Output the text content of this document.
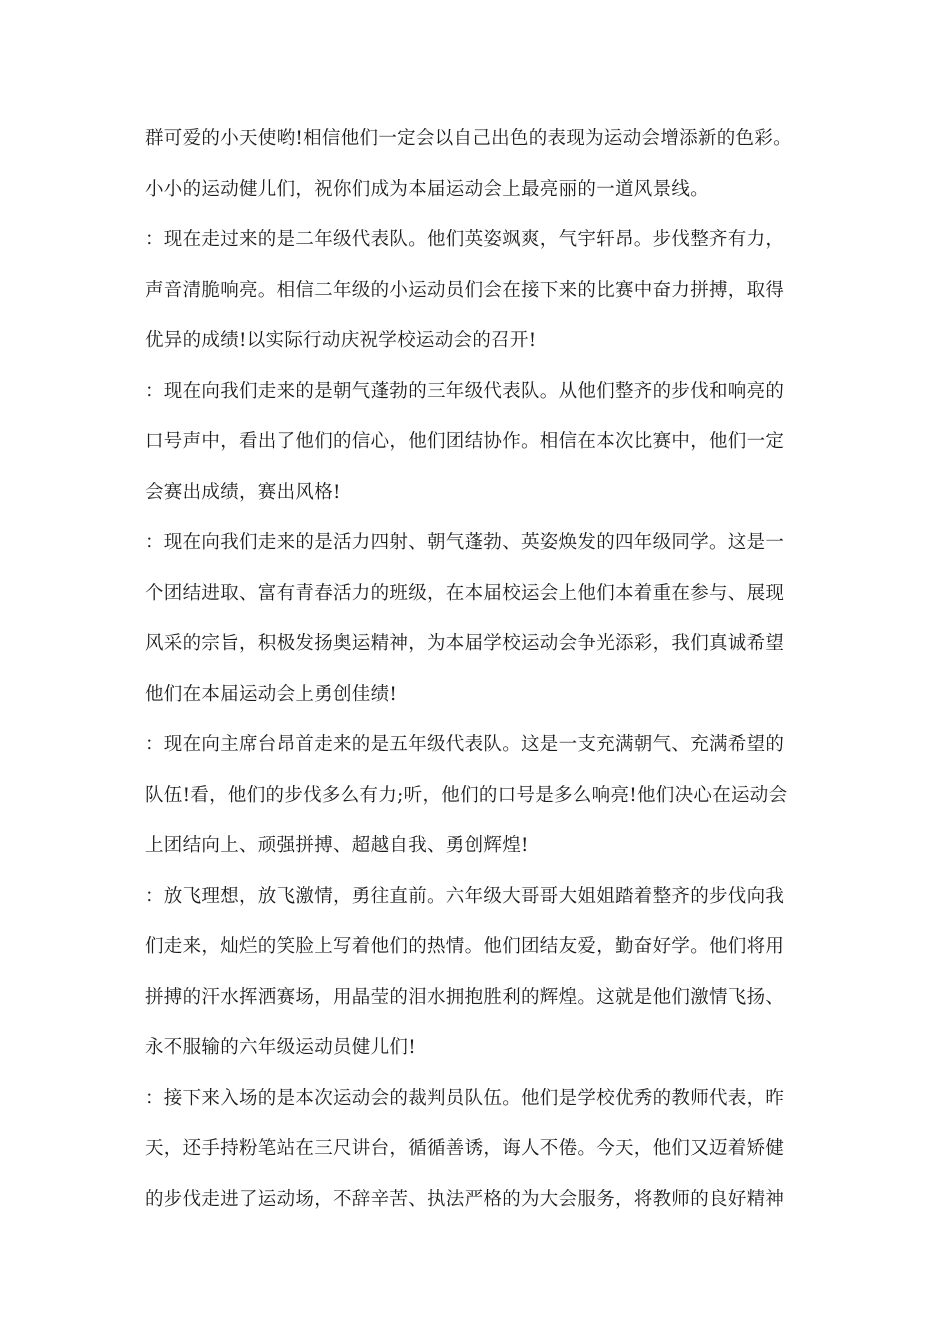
群可爱的小天使哟!相信他们一定会以自己出色的表现为运动会增添新的色彩。
小小的运动健儿们，祝你们成为本届运动会上最亮丽的一道风景线。
：现在走过来的是二年级代表队。他们英姿飒爽，气宇轩昂。步伐整齐有力，
声音清脆响亮。相信二年级的小运动员们会在接下来的比赛中奋力拼搏，取得
优异的成绩!以实际行动庆祝学校运动会的召开!
：现在向我们走来的是朝气蓬勃的三年级代表队。从他们整齐的步伐和响亮的
口号声中，看出了他们的信心，他们团结协作。相信在本次比赛中，他们一定
会赛出成绩，赛出风格!
：现在向我们走来的是活力四射、朝气蓬勃、英姿焕发的四年级同学。这是一
个团结进取、富有青春活力的班级，在本届校运会上他们本着重在参与、展现
风采的宗旨，积极发扬奥运精神，为本届学校运动会争光添彩，我们真诚希望
他们在本届运动会上勇创佳绩!
：现在向主席台昂首走来的是五年级代表队。这是一支充满朝气、充满希望的
队伍!看，他们的步伐多么有力;听，他们的口号是多么响亮!他们决心在运动会
上团结向上、顽强拼搏、超越自我、勇创辉煌!
：放飞理想，放飞激情，勇往直前。六年级大哥哥大姐姐踏着整齐的步伐向我
们走来，灿烂的笑脸上写着他们的热情。他们团结友爱，勤奋好学。他们将用
拼搏的汗水挥洒赛场，用晶莹的泪水拥抱胜利的辉煌。这就是他们激情飞扬、
永不服输的六年级运动员健儿们!
：接下来入场的是本次运动会的裁判员队伍。他们是学校优秀的教师代表，昨
天，还手持粉笔站在三尺讲台，循循善诱，诲人不倦。今天，他们又迈着矫健
的步伐走进了运动场，不辞辛苦、执法严格的为大会服务，将教师的良好精神
